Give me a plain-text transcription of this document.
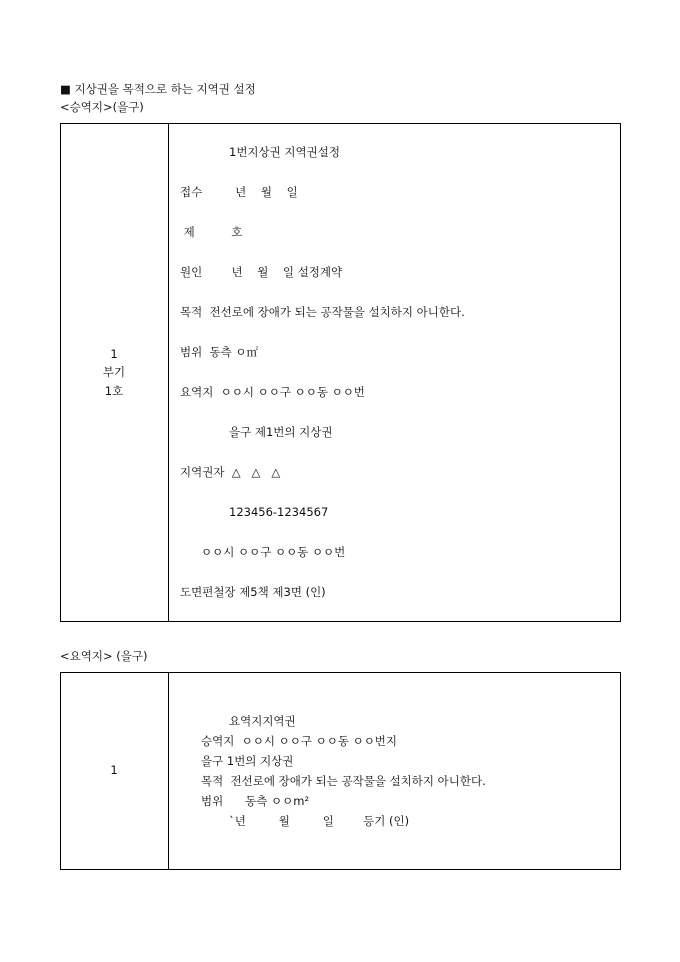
■ 지상권을 목적으로 하는 지역권 설정
<승역지>(을구)
1
부기
1호
1번지상권 지역권설정
접수         년    월    일
제          호
원인        년    월    일 설정계약
목적  전선로에 장애가 되는 공작물을 설치하지 아니한다.
범위  동측 ㅇ㎡
요역지  ㅇㅇ시 ㅇㅇ구 ㅇㅇ동 ㅇㅇ번
을구 제1번의 지상권
지역권자  △   △   △
123456-1234567
ㅇㅇ시 ㅇㅇ구 ㅇㅇ동 ㅇㅇ번
도면편철장 제5책 제3면 (인)
<요역지> (을구)
1
요역지지역권
승역지  ㅇㅇ시 ㅇㅇ구 ㅇㅇ동 ㅇㅇ번지
을구 1번의 지상권
목적  전선로에 장애가 되는 공작물을 설치하지 아니한다.
범위      동측 ㅇㅇm²
`년         월         일        등기 (인)
